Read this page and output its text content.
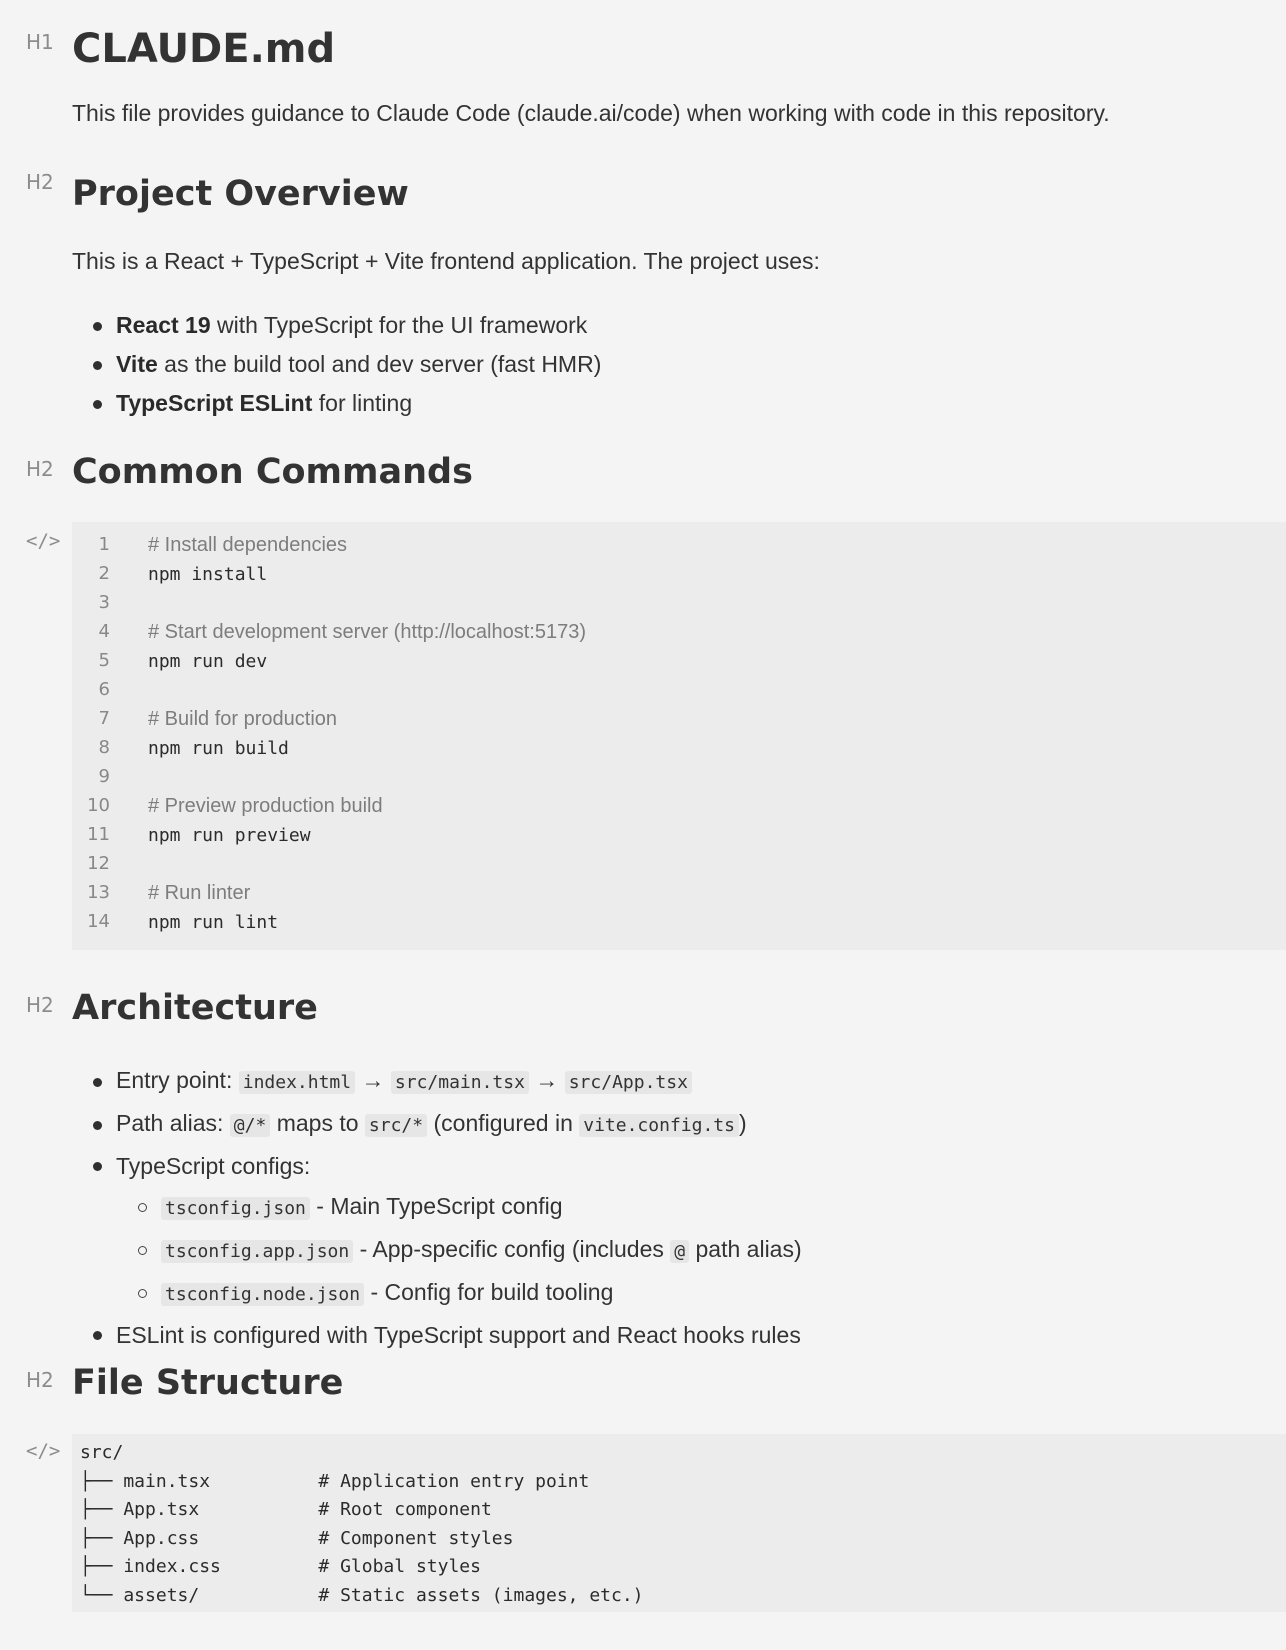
H1 CLAUDE.md

This file provides guidance to Claude Code (claude.ai/code) when working with code in this repository.

H2 Project Overview

This is a React + TypeScript + Vite frontend application. The project uses:

React 19 with TypeScript for the UI framework
Vite as the build tool and dev server (fast HMR)
TypeScript ESLint for linting
H2 Common Commands
</>	1 # Install dependencies
2 npm install
3
4 # Start development server (http://localhost:5173)
5 npm run dev
6
7 # Build for production
8 npm run build
9
10 # Preview production build
11 npm run preview
12
13 # Run linter
14 npm run lint
H2 Architecture
Entry point: index.html → src/main.tsx → src/App.tsx
Path alias: @/* maps to src/* (configured in vite.config.ts )
TypeScript configs:
tsconfig.json - Main TypeScript config
tsconfig.app.json - App-specific config (includes @ path alias)
tsconfig.node.json - Config for build tooling
ESLint is configured with TypeScript support and React hooks rules
H2 File Structure
</> src/
├── main.tsx          # Application entry point
├── App.tsx           # Root component
├── App.css           # Component styles
├── index.css         # Global styles
└── assets/           # Static assets (images, etc.)
